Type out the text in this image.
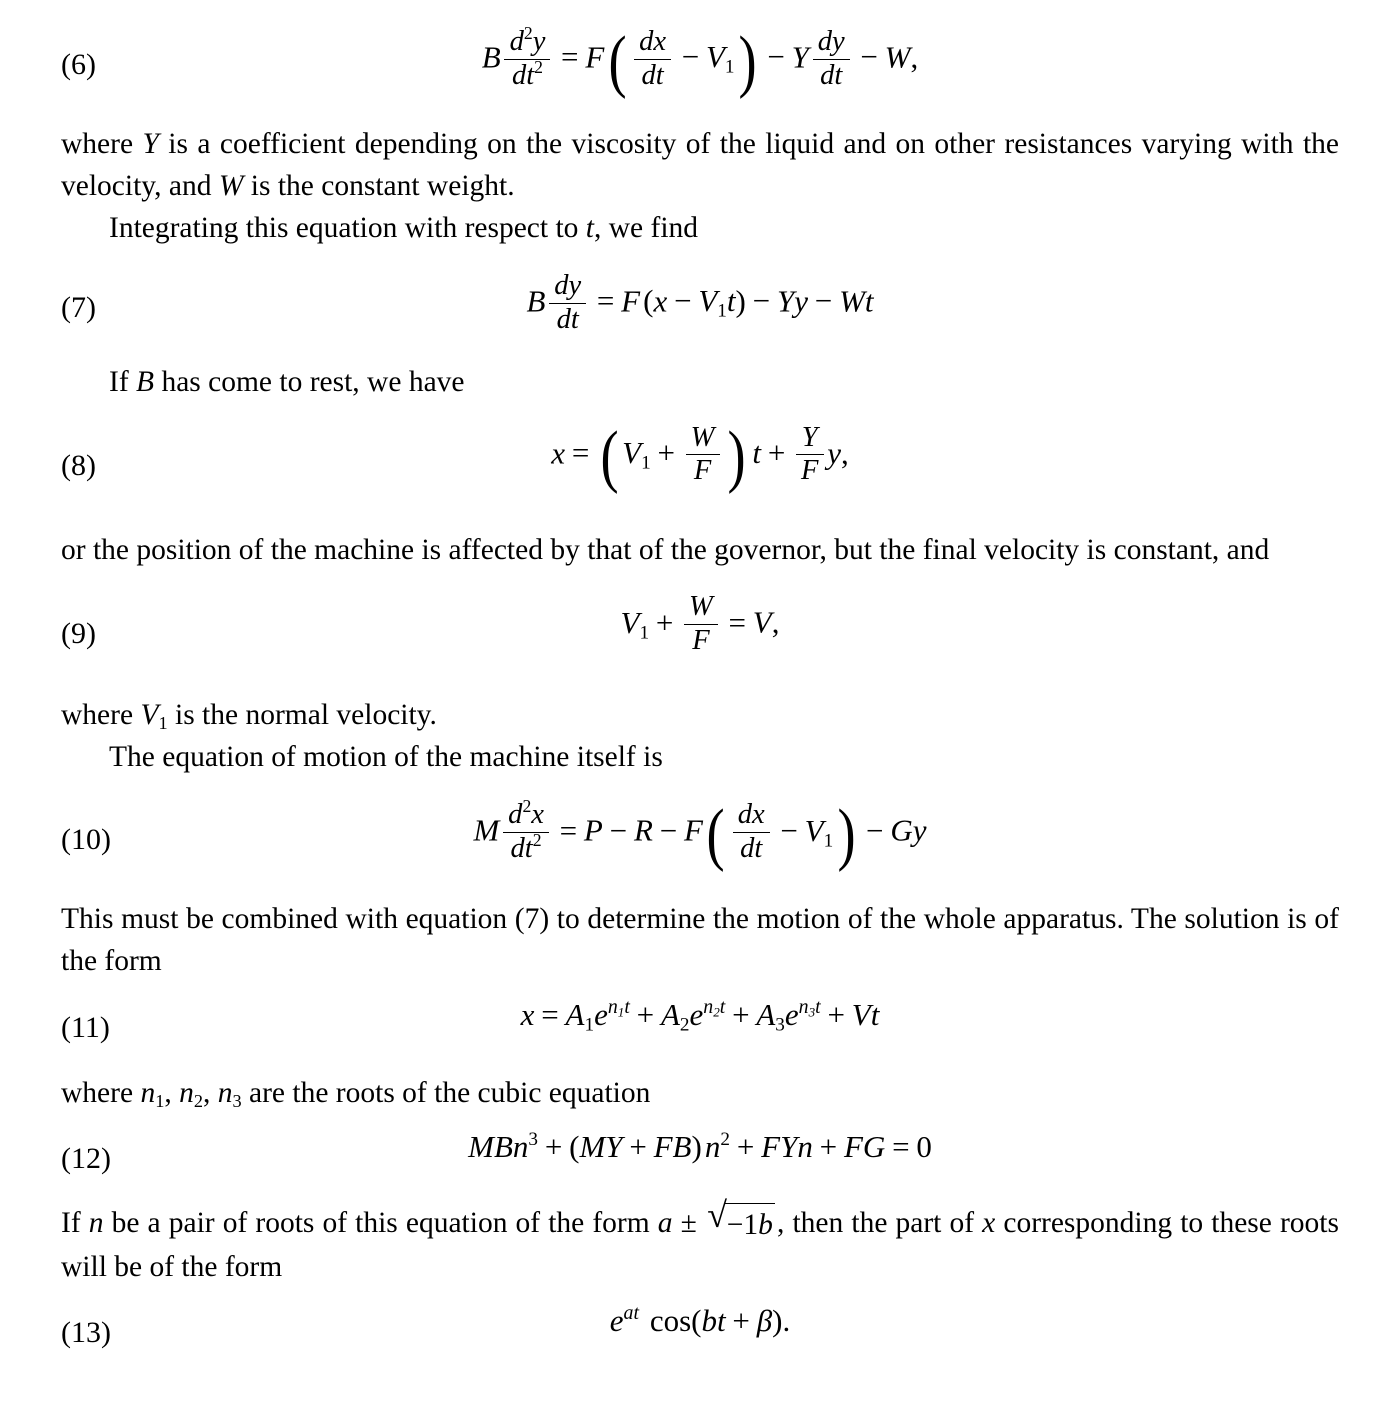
(6)	B $\frac{d^2y}{dt^2} = F( \frac{dx}{dt} - V_1) - Y \frac{dy}{dt} - W$,
where Y is a coefficient depending on the viscosity of the liquid and on other resistances varying with the velocity, and W is the constant weight.
Integrating this equation with respect to t, we find
(7)	B $\frac{dy}{dt} = F(x - V_1t) - Yy - Wt$
If B has come to rest, we have
(8)	x = ( $V_1 + \frac{W}{F}$ ) $t + \frac{Y}{F} y$,
or the position of the machine is affected by that of the governor, but the final velocity is constant, and
(9)	$V_1 + \frac{W}{F} = V$,
where $V_1$ is the normal velocity.
The equation of motion of the machine itself is
(10)	M $\frac{d^2x}{dt^2} = P - R - F( \frac{dx}{dt} - V_1) - Gy$
This must be combined with equation (7) to determine the motion of the whole apparatus. The solution is of the form
(11)	$x = A_1e^{n_1t} + A_2e^{n_2t} + A_3e^{n_3t} + Vt$
where $n_1$, $n_2$, $n_3$ are the roots of the cubic equation
(12)	$MBn^3 + (MY + FB)n^2$ + FYn + FG = 0
If n be a pair of roots of this equation of the form a ± √ −1b , then the part of x corresponding to these roots will be of the form
(13)	$e^{at}$ cos(bt + β).
